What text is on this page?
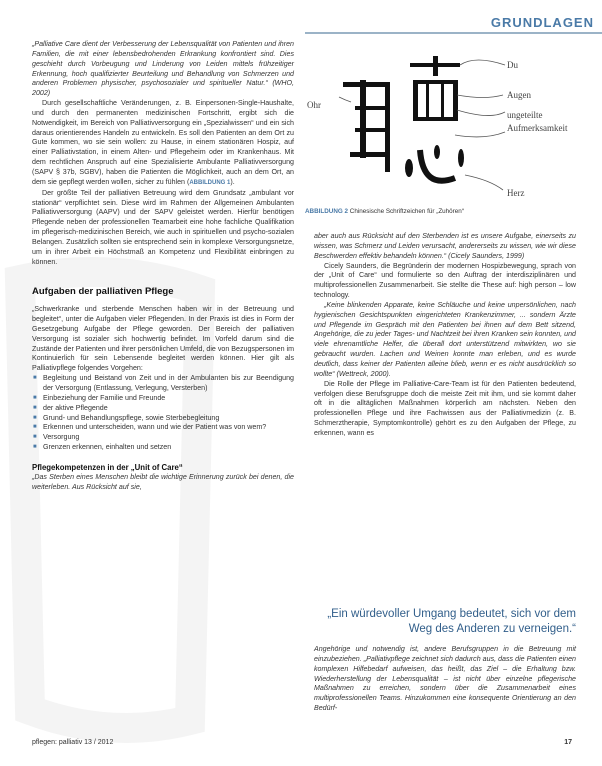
GRUNDLAGEN
Ohr
Du
Augen
ungeteilte
Aufmerksamkeit
Herz
ABBILDUNG 2 Chinesische Schriftzeichen für „Zuhören“

„Palliative Care dient der Verbesserung der Lebensqualität von Patienten und ihren Familien, die mit einer lebensbedrohenden Erkrankung konfrontiert sind. Dies geschieht durch Vorbeugung und Linderung von Leiden mittels frühzeitiger Erkennung, hoch qualifizierter Beurteilung und Behandlung von Schmerzen und anderen Problemen physischer, psychosozialer und spiritueller Natur.“ (WHO, 2002)

Durch gesellschaftliche Veränderungen, z. B. Einpersonen-Single-Haushalte, und durch den permanenten medizinischen Fortschritt, ergibt sich die Notwendigkeit, im Bereich von Palliativversorgung ein „Spezialwissen“ und ein sich daraus orientierendes Handeln zu entwickeln. Es soll den Patienten an dem Ort zu Gute kommen, wo sie sein wollen: zu Hause, in einem stationären Hospiz, auf einer Palliativstation, in einem Alten- und Pflegeheim oder im Krankenhaus. Mit dem rechtlichen Anspruch auf eine Spezialisierte Ambulante Palliativversorgung (SAPV § 37b, SGBV), haben die Patienten die Möglichkeit, auch an dem Ort, an dem sie gepflegt werden wollen, sicher zu fühlen (ABBILDUNG 1).

Der größte Teil der palliativen Betreuung wird dem Grundsatz „ambulant vor stationär“ verpflichtet sein. Diese wird im Rahmen der Allgemeinen Ambulanten Palliativversorgung (AAPV) und der SAPV geleistet werden. Hierfür benötigen Pflegende neben der professionellen Teamarbeit eine hohe fachliche Qualifikation im pflegerisch-medizinischen Bereich, wie auch in spirituellen und psycho-sozialen Belangen. Zusätzlich sollten sie entsprechend sein in komplexe Versorgungsnetze, um in ihrer Arbeit ein Höchstmaß an Kompetenz und Flexibilität einbringen zu können.

Aufgaben der palliativen Pflege

„Schwerkranke und sterbende Menschen haben wir in der Betreuung und begleitet“, unter die Aufgaben vieler Pflegenden. In der Praxis ist dies in Form der Gesetzgebung Aufgabe der Pflege geworden. Der Bereich der palliativen Versorgung ist sozialer sich hochwertig befindet. Im Vorfeld darum sind die Zustände der Patienten und ihrer persönlichen Umfeld, die von Bezugspersonen im Kontinuierlich für sein Lebensende begleitet werden können. Hier gilt als Palliativpflege folgendes Vorgehen:

■ Begleitung und Beistand von Zeit und in der Ambulanten bis zur Beendigung der Versorgung (Entlassung, Verlegung, Versterben)
■ Einbeziehung der Familie und Freunde
■ der aktive Pflegende
■ Grund- und Behandlungspflege, sowie Sterbebegleitung
■ Erkennen und unterscheiden, wann und wie der Patient was von wem?
■ Versorgung
■ Grenzen erkennen, einhalten und setzen
Pflegekompetenzen in der „Unit of Care“

„Das Sterben eines Menschen bleibt die wichtige Erinnerung zurück bei denen, die weiterleben. Aus Rücksicht auf sie,

aber auch aus Rücksicht auf den Sterbenden ist es unsere Aufgabe, einerseits zu wissen, was Schmerz und Leiden verursacht, andererseits zu wissen, wie wir diese Beschwerden effektiv behandeln können.“ (Cicely Saunders, 1999)

Cicely Saunders, die Begründerin der modernen Hospizbewegung, sprach von der „Unit of Care“ und formulierte so den Auftrag der interdisziplinären und multiprofessionellen Zusammenarbeit. Sie stellte die These auf: high person – low technology.

„Keine blinkenden Apparate, keine Schläuche und keine unpersönlichen, nach hygienischen Gesichtspunkten eingerichteten Krankenzimmer, ... sondern Ärzte und Pflegende im Gespräch mit den Patienten bei ihnen auf dem Bett sitzend, Angehörige, die zu jeder Tages- und Nachtzeit bei ihren Kranken sein konnten, und viele ehrenamtliche Helfer, die überall dort unterstützend mitwirkten, wo sie gebraucht wurden. Lachen und Weinen konnte man erleben, und es wurde deutlich, dass keiner der Patienten alleine blieb, wenn er es nicht ausdrücklich so wollte“ (Wettreck, 2000).

Die Rolle der Pflege im Palliative-Care-Team ist für den Patienten bedeutend, verfolgen diese Berufsgruppe doch die meiste Zeit mit ihm, und sie kommt daher oft in die alltäglichen Maßnahmen körperlich am nächsten. Neben den professionellen Pflege und ihre Fachwissen aus der Palliativmedizin (z. B. Schmerztherapie, Symptomkontrolle) gehört es zu den Aufgaben der Pflege, zu erkennen, wann es

„Ein würdevoller Umgang bedeutet, sich vor dem Weg des Anderen zu verneigen.“

Angehörige und notwendig ist, andere Berufsgruppen in die Betreuung mit einzubeziehen. „Palliativpflege zeichnet sich dadurch aus, dass die Patienten einen komplexen Hilfebedarf aufweisen, das heißt, das Ziel – die Erhaltung bzw. Wiederherstellung der Lebensqualität – ist nicht über einzelne pflegerische Maßnahmen zu erreichen, sondern über die Zusammenarbeit eines multiprofessionellen Teams. Hinzukommen eine konsequente Orientierung an den Bedürf-

pflegen: palliativ 13 / 2012	17
